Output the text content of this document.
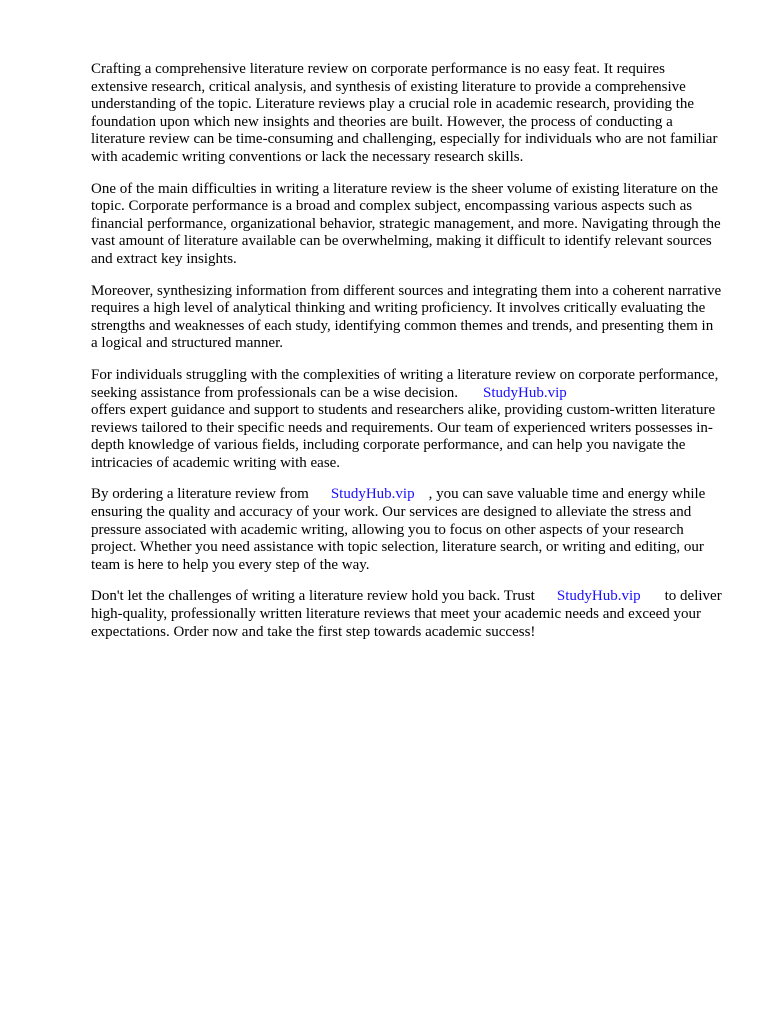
Crafting a comprehensive literature review on corporate performance is no easy feat. It requires extensive research, critical analysis, and synthesis of existing literature to provide a comprehensive understanding of the topic. Literature reviews play a crucial role in academic research, providing the foundation upon which new insights and theories are built. However, the process of conducting a literature review can be time-consuming and challenging, especially for individuals who are not familiar with academic writing conventions or lack the necessary research skills.

One of the main difficulties in writing a literature review is the sheer volume of existing literature on the topic. Corporate performance is a broad and complex subject, encompassing various aspects such as financial performance, organizational behavior, strategic management, and more. Navigating through the vast amount of literature available can be overwhelming, making it difficult to identify relevant sources and extract key insights.

Moreover, synthesizing information from different sources and integrating them into a coherent narrative requires a high level of analytical thinking and writing proficiency. It involves critically evaluating the strengths and weaknesses of each study, identifying common themes and trends, and presenting them in a logical and structured manner.

For individuals struggling with the complexities of writing a literature review on corporate performance, seeking assistance from professionals can be a wise decision. StudyHub.vip
offers expert guidance and support to students and researchers alike, providing custom-written literature reviews tailored to their specific needs and requirements. Our team of experienced writers possesses in-depth knowledge of various fields, including corporate performance, and can help you navigate the intricacies of academic writing with ease.

By ordering a literature review from StudyHub.vip , you can save valuable time and energy while ensuring the quality and accuracy of your work. Our services are designed to alleviate the stress and pressure associated with academic writing, allowing you to focus on other aspects of your research project. Whether you need assistance with topic selection, literature search, or writing and editing, our team is here to help you every step of the way.

Don't let the challenges of writing a literature review hold you back. Trust StudyHub.vip to deliver high-quality, professionally written literature reviews that meet your academic needs and exceed your expectations. Order now and take the first step towards academic success!
